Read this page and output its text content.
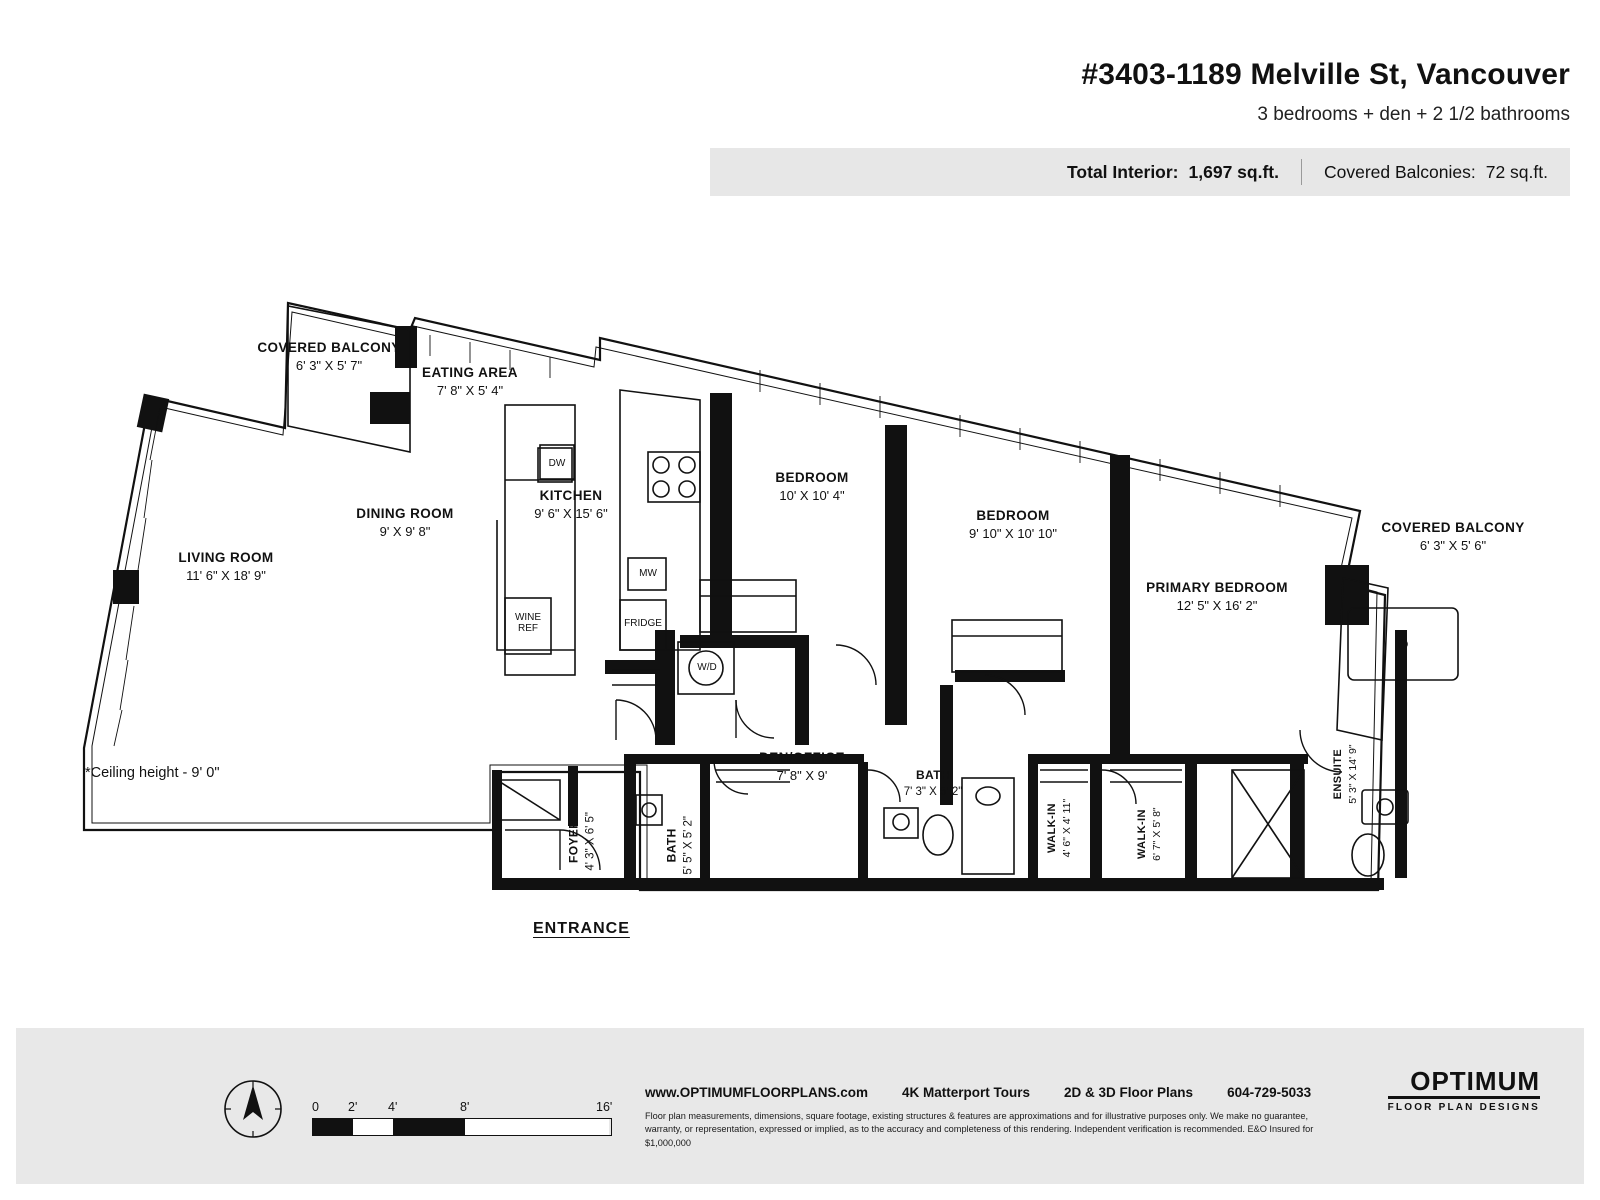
#3403-1189 Melville St, Vancouver
3 bedrooms + den + 2 1/2 bathrooms
Total Interior: 1,697 sq.ft.	Covered Balconies: 72 sq.ft.
COVERED BALCONY
6' 3" X 5' 7"	EATING AREA
7' 8" X 5' 4"
DINING ROOM
9' X 9' 8"
KITCHEN
9' 6" X 15' 6"
LIVING ROOM
11' 6" X 18' 9"
BEDROOM
10' X 10' 4"
BEDROOM
9' 10" X 10' 10"
PRIMARY BEDROOM
12' 5" X 16' 2"
COVERED BALCONY
6' 3" X 5' 6"
FOYER 4' 3" X 6' 5"	BATH 5' 5" X 5' 2"
DEN/OFFICE
7' 8" X 9'	BATH
7' 3" X 5' 2"
WALK-IN 4' 6" X 4' 11"	WALK-IN 6' 7" X 5' 8"
ENSUITE 5' 3" X 14' 9"
DW
MW
WINE REF	FRIDGE
W/D
*Ceiling height - 9' 0"
ENTRANCE
0 2' 4'	8'	16'
www.OPTIMUMFLOORPLANS.com	4K Matterport Tours	2D & 3D Floor Plans	604-729-5033
Floor plan measurements, dimensions, square footage, existing structures & features are approximations and for illustrative purposes only. We make no guarantee, warranty, or representation, expressed or implied, as to the accuracy and completeness of this rendering. Independent verification is recommended. E&O Insured for $1,000,000
OPTIMUM
FLOOR PLAN DESIGNS
